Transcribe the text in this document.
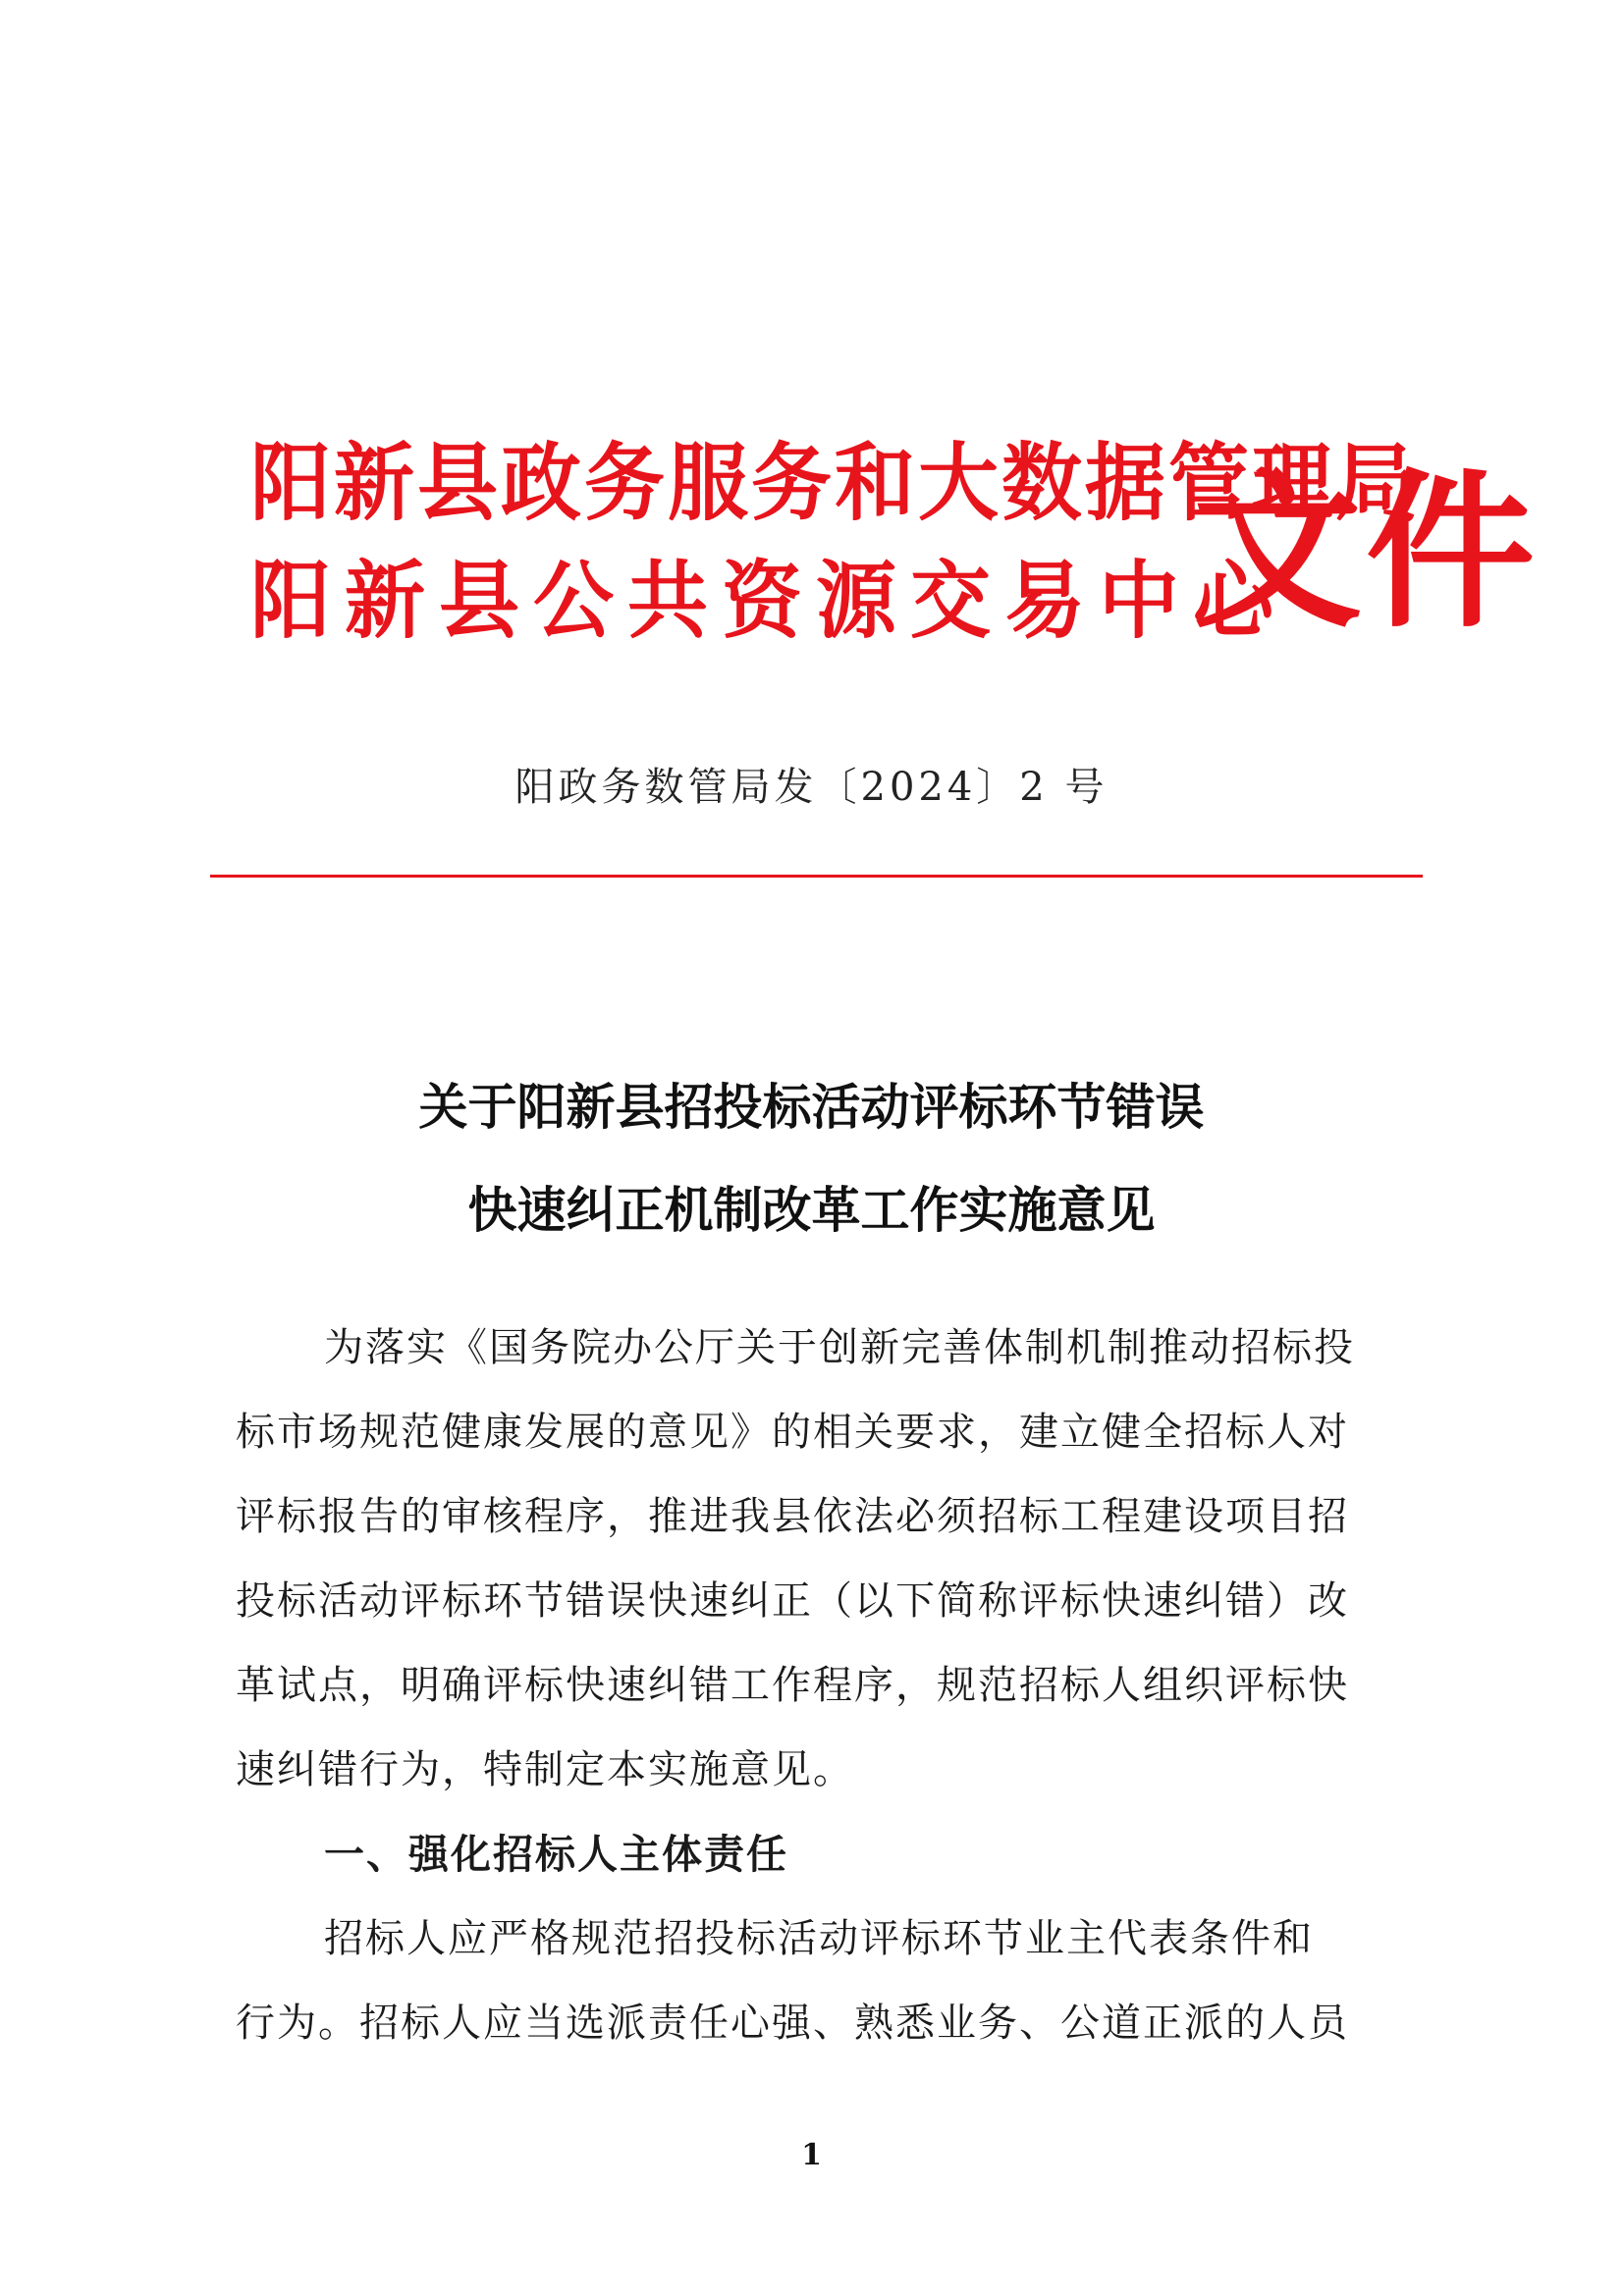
阳新县政务服务和大数据管理局
阳新县公共资源交易中心
文件
阳政务数管局发〔2024〕2 号
关于阳新县招投标活动评标环节错误
快速纠正机制改革工作实施意见
为落实《国务院办公厅关于创新完善体制机制推动招标投
标市场规范健康发展的意见》的相关要求，建立健全招标人对
评标报告的审核程序，推进我县依法必须招标工程建设项目招
投标活动评标环节错误快速纠正（以下简称评标快速纠错）改
革试点，明确评标快速纠错工作程序，规范招标人组织评标快
速纠错行为，特制定本实施意见。
一、强化招标人主体责任
招标人应严格规范招投标活动评标环节业主代表条件和
行为。招标人应当选派责任心强、熟悉业务、公道正派的人员
1
